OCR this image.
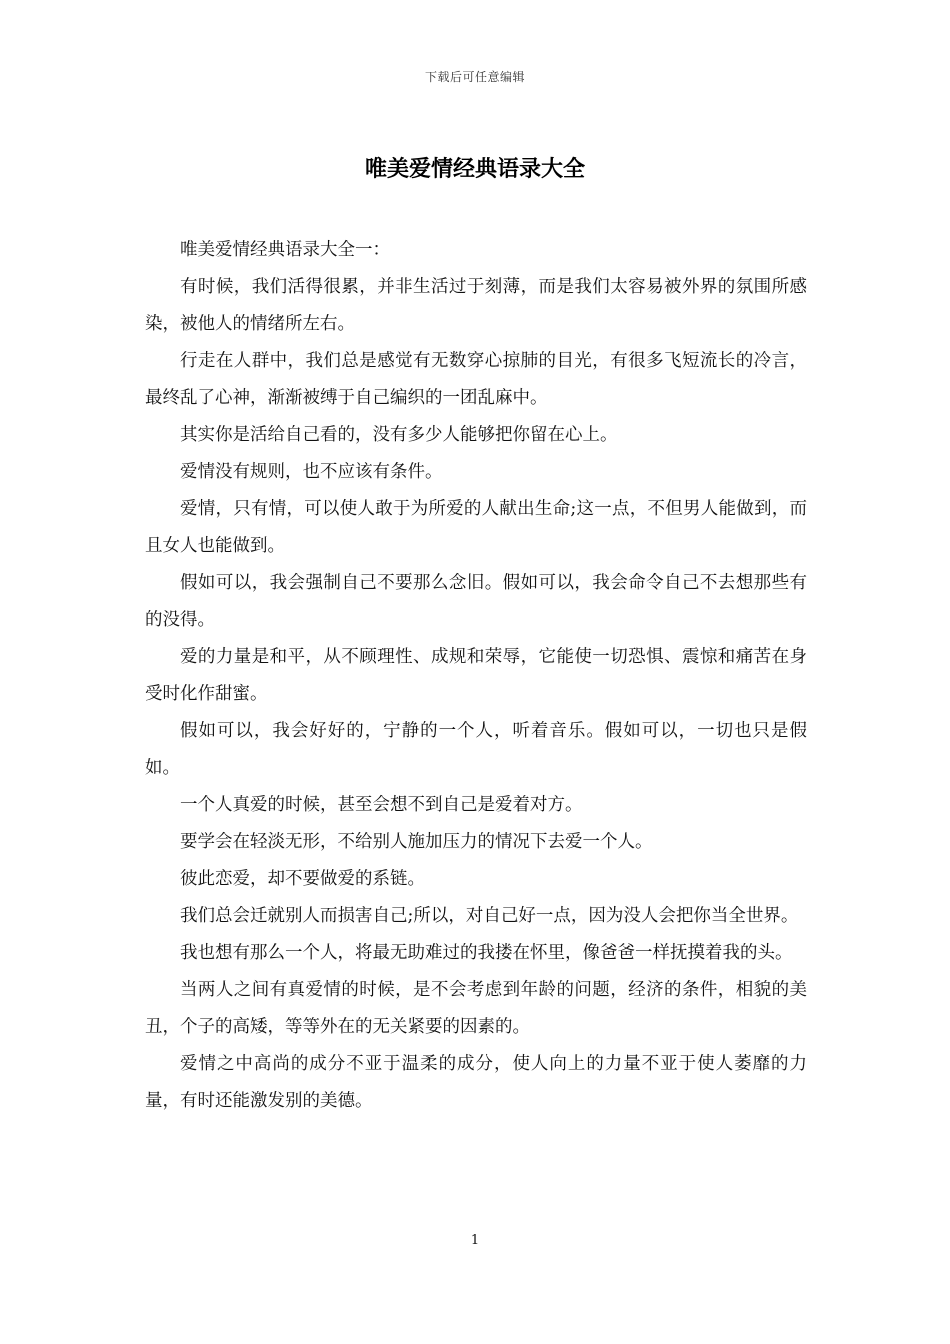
下载后可任意编辑
唯美爱情经典语录大全

唯美爱情经典语录大全一：

有时候，我们活得很累，并非生活过于刻薄，而是我们太容易被外界的氛围所感染，被他人的情绪所左右。

行走在人群中，我们总是感觉有无数穿心掠肺的目光，有很多飞短流长的冷言，最终乱了心神，渐渐被缚于自己编织的一团乱麻中。

其实你是活给自己看的，没有多少人能够把你留在心上。

爱情没有规则，也不应该有条件。

爱情，只有情，可以使人敢于为所爱的人献出生命;这一点，不但男人能做到，而且女人也能做到。

假如可以，我会强制自己不要那么念旧。假如可以，我会命令自己不去想那些有的没得。

爱的力量是和平，从不顾理性、成规和荣辱，它能使一切恐惧、震惊和痛苦在身受时化作甜蜜。

假如可以，我会好好的，宁静的一个人，听着音乐。假如可以，一切也只是假如。

一个人真爱的时候，甚至会想不到自己是爱着对方。

要学会在轻淡无形，不给别人施加压力的情况下去爱一个人。

彼此恋爱，却不要做爱的系链。

我们总会迁就别人而损害自己;所以，对自己好一点，因为没人会把你当全世界。

我也想有那么一个人，将最无助难过的我搂在怀里，像爸爸一样抚摸着我的头。

当两人之间有真爱情的时候，是不会考虑到年龄的问题，经济的条件，相貌的美丑，个子的高矮，等等外在的无关紧要的因素的。

爱情之中高尚的成分不亚于温柔的成分，使人向上的力量不亚于使人萎靡的力量，有时还能激发别的美德。

1
